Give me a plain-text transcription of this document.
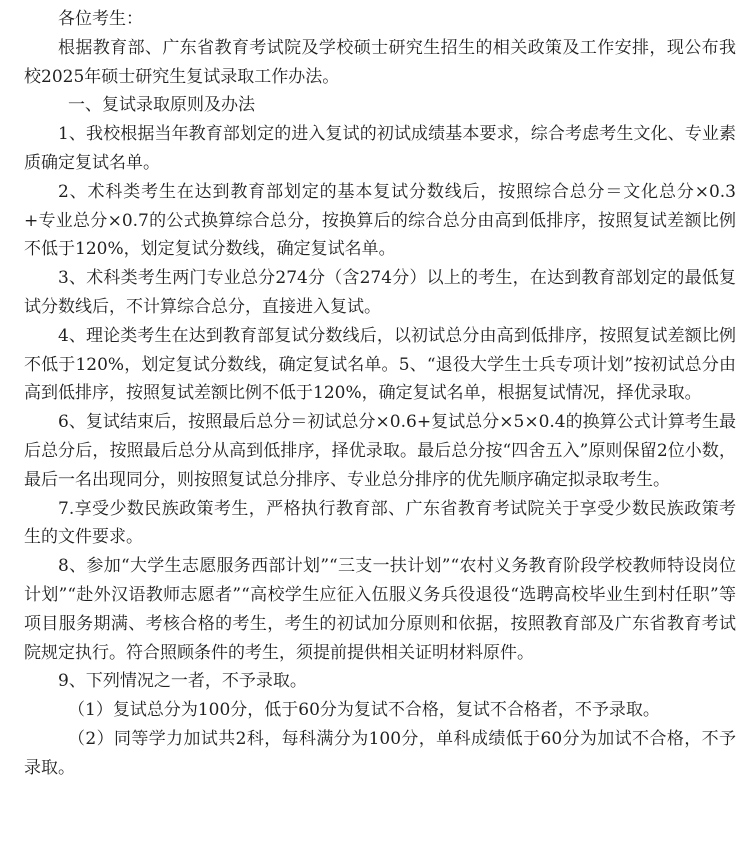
各位考生：

根据教育部、广东省教育考试院及学校硕士研究生招生的相关政策及工作安排，现公布我校2025年硕士研究生复试录取工作办法。

一、复试录取原则及办法

1、我校根据当年教育部划定的进入复试的初试成绩基本要求，综合考虑考生文化、专业素质确定复试名单。

2、术科类考生在达到教育部划定的基本复试分数线后，按照综合总分＝文化总分×0.3+专业总分×0.7的公式换算综合总分，按换算后的综合总分由高到低排序，按照复试差额比例不低于120%，划定复试分数线，确定复试名单。

3、术科类考生两门专业总分274分（含274分）以上的考生，在达到教育部划定的最低复试分数线后，不计算综合总分，直接进入复试。

4、理论类考生在达到教育部复试分数线后，以初试总分由高到低排序，按照复试差额比例不低于120%，划定复试分数线，确定复试名单。5、“退役大学生士兵专项计划”按初试总分由高到低排序，按照复试差额比例不低于120%，确定复试名单，根据复试情况，择优录取。

6、复试结束后，按照最后总分＝初试总分×0.6+复试总分×5×0.4的换算公式计算考生最后总分后，按照最后总分从高到低排序，择优录取。最后总分按“四舍五入”原则保留2位小数，最后一名出现同分，则按照复试总分排序、专业总分排序的优先顺序确定拟录取考生。

7.享受少数民族政策考生，严格执行教育部、广东省教育考试院关于享受少数民族政策考生的文件要求。

8、参加“大学生志愿服务西部计划”“三支一扶计划”“农村义务教育阶段学校教师特设岗位计划”“赴外汉语教师志愿者”“高校学生应征入伍服义务兵役退役“选聘高校毕业生到村任职”等项目服务期满、考核合格的考生，考生的初试加分原则和依据，按照教育部及广东省教育考试院规定执行。符合照顾条件的考生，须提前提供相关证明材料原件。

9、下列情况之一者，不予录取。

（1）复试总分为100分，低于60分为复试不合格，复试不合格者，不予录取。

（2）同等学力加试共2科，每科满分为100分，单科成绩低于60分为加试不合格，不予录取。
